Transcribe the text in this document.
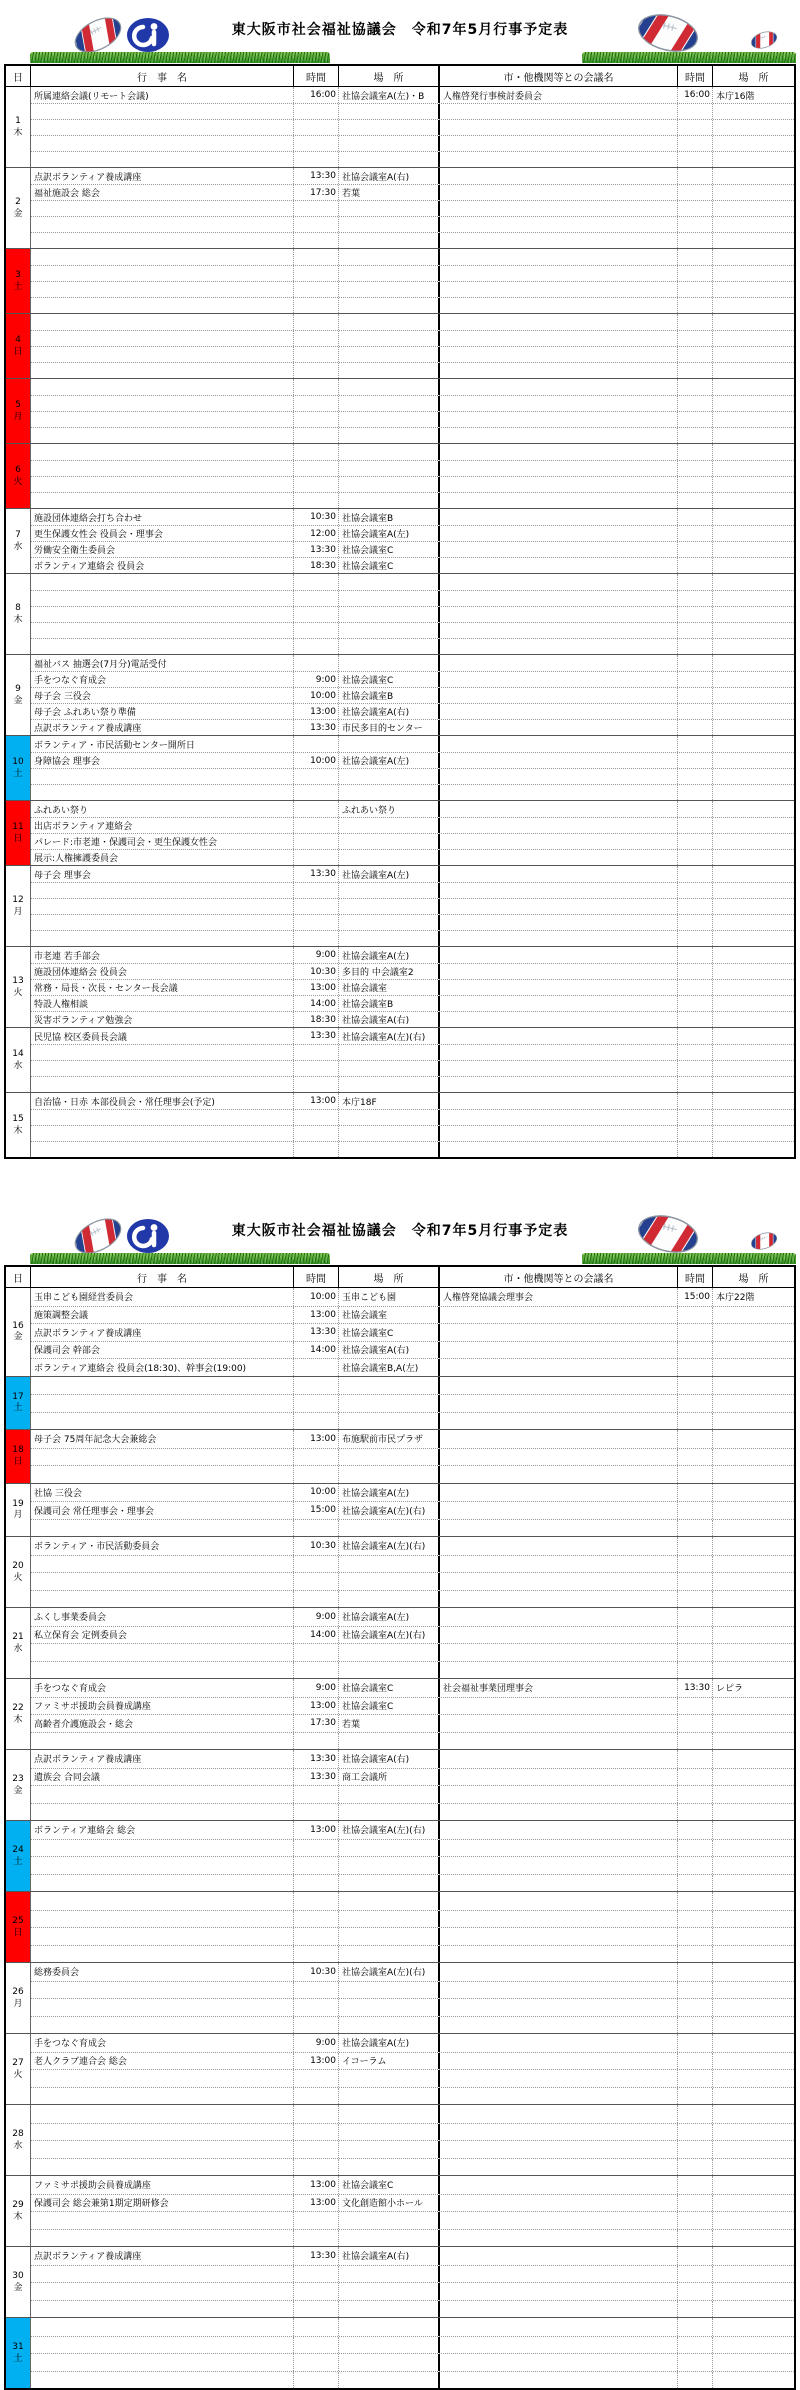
東大阪市社会福祉協議会　令和7年5月行事予定表
日	行　事　名	時間	場　所	市・他機関等との会議名	時間	場　所
1
木
所属連絡会議(リモート会議)	16:00 社協会議室A(左)・B	人権啓発行事検討委員会	16:00 本庁16階
2
金
点訳ボランティア養成講座	13:30 社協会議室A(右)
福祉施設会 総会	17:30 若葉
3
土
4
日
5
月
6
火
7
水
施設団体連絡会打ち合わせ	10:30 社協会議室B
更生保護女性会 役員会・理事会	12:00 社協会議室A(左)
労働安全衛生委員会	13:30 社協会議室C
ボランティア連絡会 役員会	18:30 社協会議室C
8
木
9
金
福祉バス 抽選会(7月分)電話受付
手をつなぐ育成会	9:00 社協会議室C
母子会 三役会	10:00 社協会議室B
母子会 ふれあい祭り準備	13:00 社協会議室A(右)
点訳ボランティア養成講座	13:30 市民多目的センター
10
土
ボランティア・市民活動センター開所日
身障協会 理事会	10:00 社協会議室A(左)
11
日
ふれあい祭り	ふれあい祭り
出店ボランティア連絡会
パレード:市老連・保護司会・更生保護女性会
展示:人権擁護委員会
12
月
母子会 理事会	13:30 社協会議室A(左)
13
火
市老連 若手部会	9:00 社協会議室A(左)
施設団体連絡会 役員会	10:30 多目的 中会議室2
常務・局長・次長・センター長会議	13:00 社協会議室
特設人権相談	14:00 社協会議室B
災害ボランティア勉強会	18:30 社協会議室A(右)
14
水
民児協 校区委員長会議	13:30 社協会議室A(左)(右)
15
木
自治協・日赤 本部役員会・常任理事会(予定)	13:00 本庁18F
東大阪市社会福祉協議会　令和7年5月行事予定表
日	行　事　名	時間	場　所	市・他機関等との会議名	時間	場　所
16
金
玉串こども園経営委員会	10:00 玉串こども園	人権啓発協議会理事会	15:00 本庁22階
施策調整会議	13:00 社協会議室
点訳ボランティア養成講座	13:30 社協会議室C
保護司会 幹部会	14:00 社協会議室A(右)
ボランティア連絡会 役員会(18:30)、幹事会(19:00)	社協会議室B,A(左)
17
土
18
日
母子会 75周年記念大会兼総会	13:00 布施駅前市民プラザ
19
月
社協 三役会	10:00 社協会議室A(左)
保護司会 常任理事会・理事会	15:00 社協会議室A(左)(右)
20
火
ボランティア・市民活動委員会	10:30 社協会議室A(左)(右)
21
水
ふくし事業委員会	9:00 社協会議室A(左)
私立保育会 定例委員会	14:00 社協会議室A(左)(右)
22
木
手をつなぐ育成会	9:00 社協会議室C	社会福祉事業団理事会	13:30 レピラ
ファミサポ援助会員養成講座	13:00 社協会議室C
高齢者介護施設会・総会	17:30 若葉
23
金
点訳ボランティア養成講座	13:30 社協会議室A(右)
遺族会 合同会議	13:30 商工会議所
24
土
ボランティア連絡会 総会	13:00 社協会議室A(左)(右)
25
日
26
月
総務委員会	10:30 社協会議室A(左)(右)
27
火
手をつなぐ育成会	9:00 社協会議室A(左)
老人クラブ連合会 総会	13:00 イコーラム
28
水
29
木
ファミサポ援助会員養成講座	13:00 社協会議室C
保護司会 総会兼第1期定期研修会	13:00 文化創造館小ホール
30
金
点訳ボランティア養成講座	13:30 社協会議室A(右)
31
土
